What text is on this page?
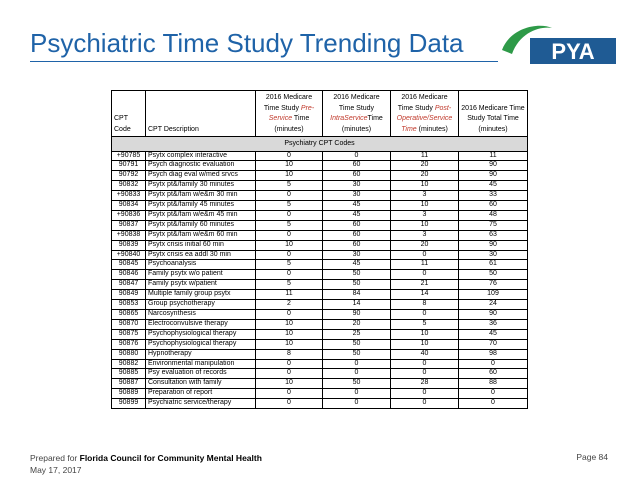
Psychiatric Time Study Trending Data	PYA
CPT Code	CPT Description	2016 Medicare Time Study Pre-Service Time (minutes)	2016 Medicare Time Study IntraServiceTime (minutes)	2016 Medicare Time Study Post-Operative/Service Time (minutes)	2016 Medicare Time Study Total Time (minutes)
Psychiatry CPT Codes					
+90785	Psytx complex interactive	0	0	11	11
90791	Psych diagnostic evaluation	10	60	20	90
90792	Psych diag eval w/med srvcs	10	60	20	90
90832	Psytx pt&/family 30 minutes	5	30	10	45
+90833	Psytx pt&/fam w/e&m 30 min	0	30	3	33
90834	Psytx pt&/family 45 minutes	5	45	10	60
+90836	Psytx pt&/fam w/e&m 45 min	0	45	3	48
90837	Psytx pt&/family 60 minutes	5	60	10	75
+90838	Psytx pt&/fam w/e&m 60 min	0	60	3	63
90839	Psytx crisis initial 60 min	10	60	20	90
+90840	Psytx crisis ea addl 30 min	0	30	0	30
90845	Psychoanalysis	5	45	11	61
90846	Family psytx w/o patient	0	50	0	50
90847	Family psytx w/patient	5	50	21	76
90849	Multiple family group psytx	11	84	14	109
90853	Group psychotherapy	2	14	8	24
90865	Narcosynthesis	0	90	0	90
90870	Electroconvulsive therapy	10	20	5	36
90875	Psychophysiological therapy	10	25	10	45
90876	Psychophysiological therapy	10	50	10	70
90880	Hypnotherapy	8	50	40	98
90882	Environmental manipulation	0	0	0	0
90885	Psy evaluation of records	0	0	0	60
90887	Consultation with family	10	50	28	88
90889	Preparation of report	0	0	0	0
90899	Psychiatric service/therapy	0	0	0	0
Prepared for Florida Council for Community Mental Health
May 17, 2017
Page 84
